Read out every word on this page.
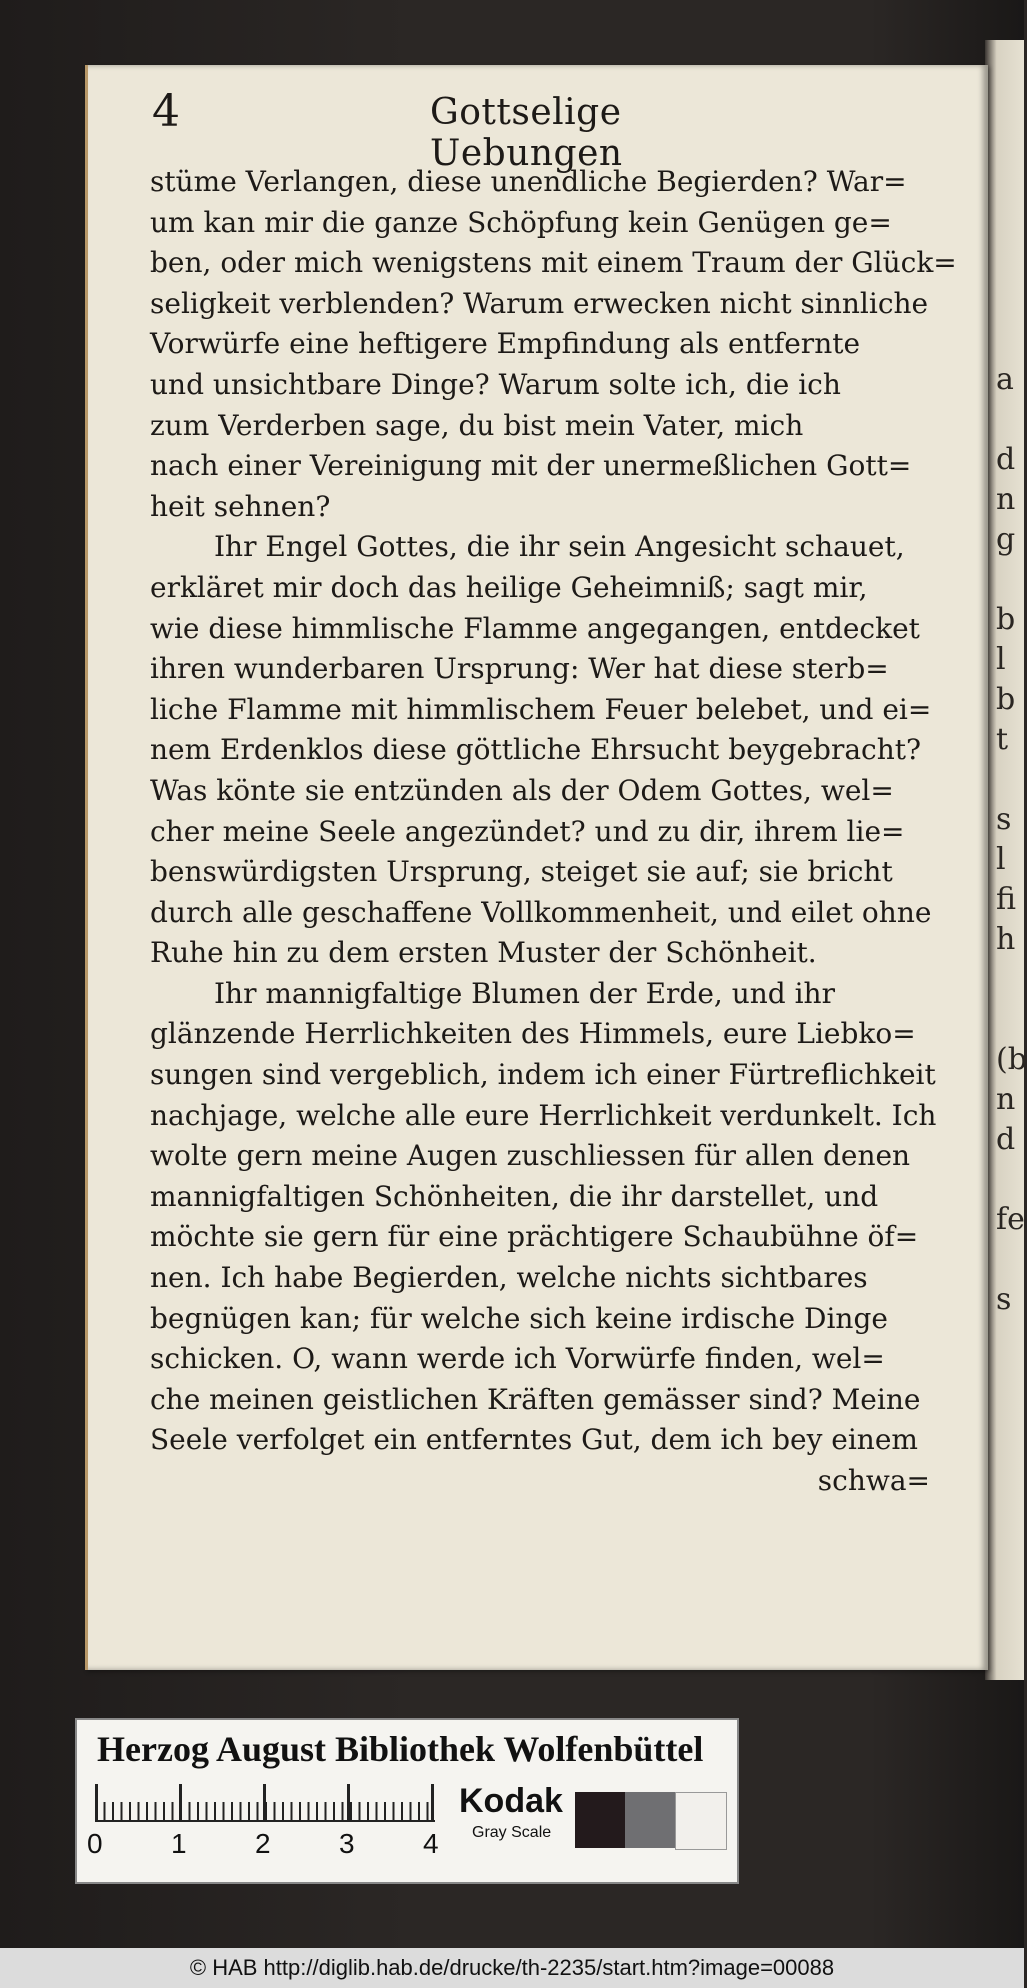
a

d
n
g

b
l
b
t

s
l
fi
h

(b
n
d

fe

s
4	Gottselige Uebungen
stüme Verlangen, diese unendliche Begierden? War=
um kan mir die ganze Schöpfung kein Genügen ge=
ben, oder mich wenigstens mit einem Traum der Glück=
seligkeit verblenden? Warum erwecken nicht sinnliche
Vorwürfe eine heftigere Empfindung als entfernte
und unsichtbare Dinge? Warum solte ich, die ich
zum Verderben sage, du bist mein Vater, mich
nach einer Vereinigung mit der unermeßlichen Gott=
heit sehnen?
Ihr Engel Gottes, die ihr sein Angesicht schauet,
erkläret mir doch das heilige Geheimniß; sagt mir,
wie diese himmlische Flamme angegangen, entdecket
ihren wunderbaren Ursprung: Wer hat diese sterb=
liche Flamme mit himmlischem Feuer belebet, und ei=
nem Erdenklos diese göttliche Ehrsucht beygebracht?
Was könte sie entzünden als der Odem Gottes, wel=
cher meine Seele angezündet? und zu dir, ihrem lie=
benswürdigsten Ursprung, steiget sie auf; sie bricht
durch alle geschaffene Vollkommenheit, und eilet ohne
Ruhe hin zu dem ersten Muster der Schönheit.
Ihr mannigfaltige Blumen der Erde, und ihr
glänzende Herrlichkeiten des Himmels, eure Liebko=
sungen sind vergeblich, indem ich einer Fürtreflichkeit
nachjage, welche alle eure Herrlichkeit verdunkelt. Ich
wolte gern meine Augen zuschliessen für allen denen
mannigfaltigen Schönheiten, die ihr darstellet, und
möchte sie gern für eine prächtigere Schaubühne öf=
nen. Ich habe Begierden, welche nichts sichtbares
begnügen kan; für welche sich keine irdische Dinge
schicken. O, wann werde ich Vorwürfe finden, wel=
che meinen geistlichen Kräften gemässer sind? Meine
Seele verfolget ein entferntes Gut, dem ich bey einem
schwa=
Herzog August Bibliothek Wolfenbüttel
0 1 2 3 4
Kodak
Gray Scale
© HAB http://diglib.hab.de/drucke/th-2235/start.htm?image=00088
